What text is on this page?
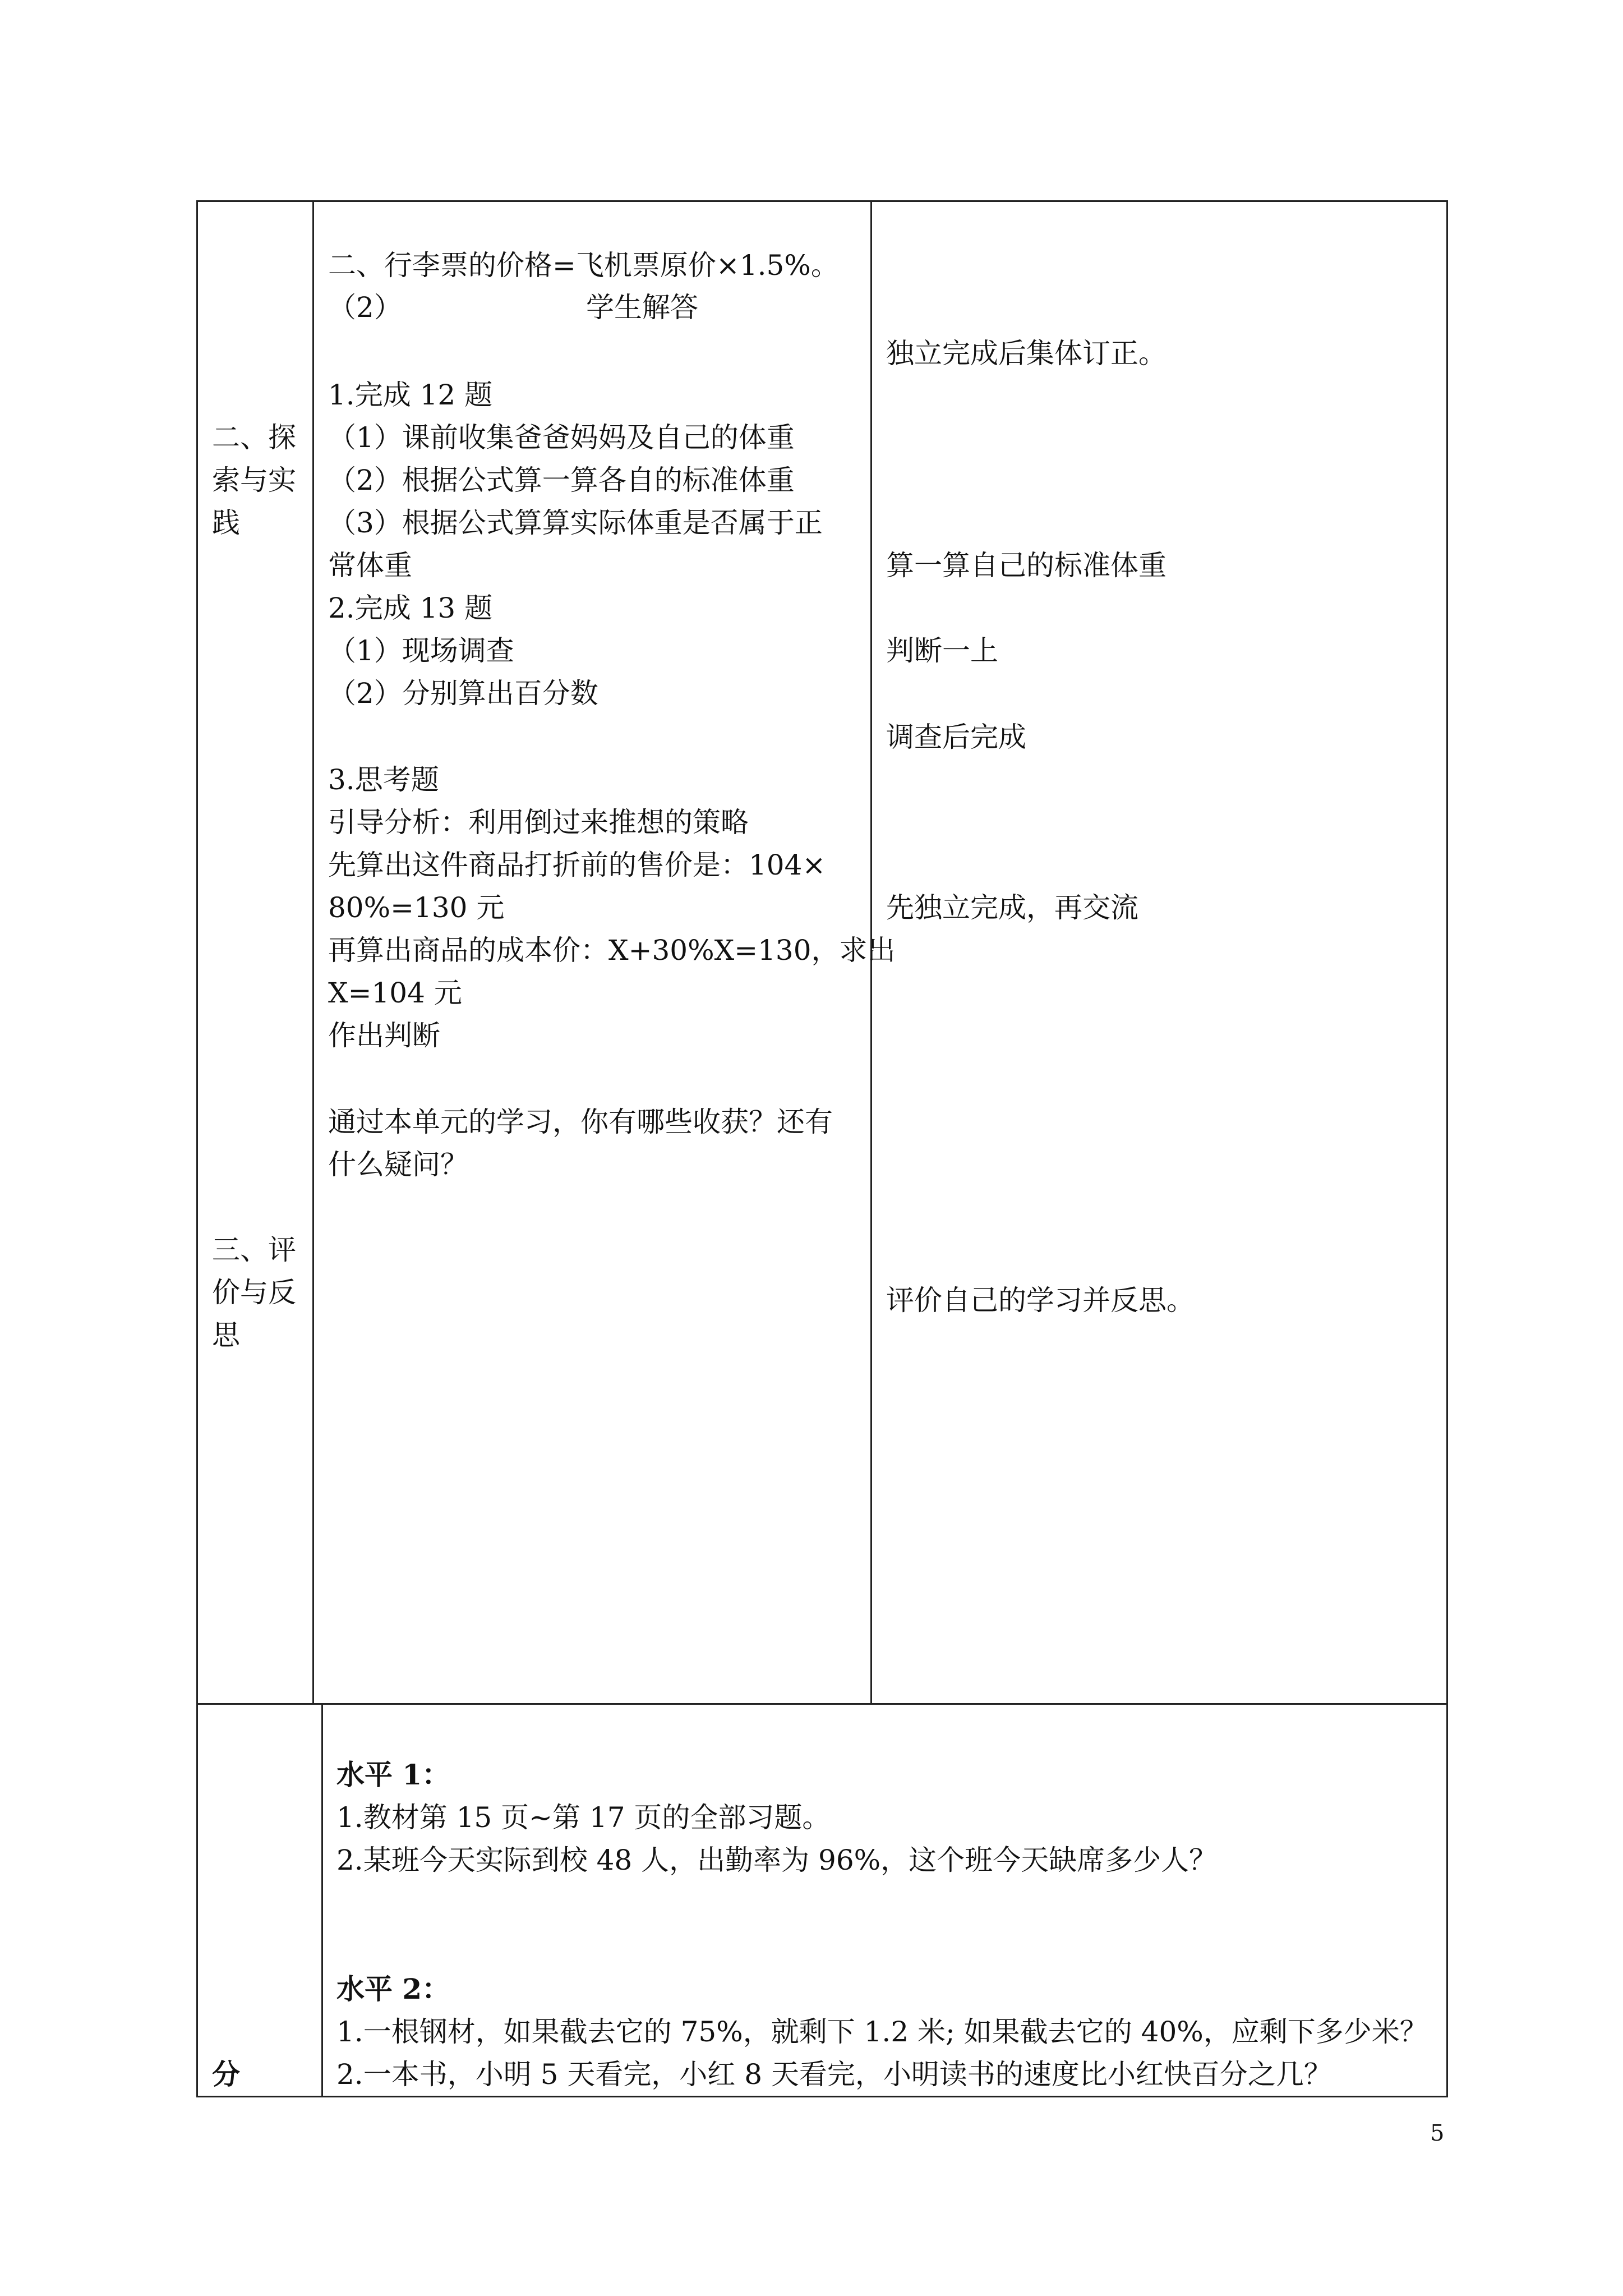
二、探
索与实
践
三、评
价与反
思
二、行李票的价格=飞机票原价×1.5%。
（2）	学生解答
1.完成 12 题
（1）课前收集爸爸妈妈及自己的体重
（2）根据公式算一算各自的标准体重
（3）根据公式算算实际体重是否属于正
常体重
2.完成 13 题
（1）现场调查
（2）分别算出百分数
3.思考题
引导分析：利用倒过来推想的策略
先算出这件商品打折前的售价是：104×
80%=130 元
再算出商品的成本价：X+30%X=130，求出
X=104 元
作出判断
通过本单元的学习，你有哪些收获？还有
什么疑问？
独立完成后集体订正。
算一算自己的标准体重
判断一上
调查后完成
先独立完成，再交流
评价自己的学习并反思。
分
水平 1：
1.教材第 15 页~第 17 页的全部习题。
2.某班今天实际到校 48 人，出勤率为 96%，这个班今天缺席多少人？
水平 2：
1.一根钢材，如果截去它的 75%，就剩下 1.2 米; 如果截去它的 40%，应剩下多少米？
2.一本书，小明 5 天看完，小红 8 天看完，小明读书的速度比小红快百分之几？
5
